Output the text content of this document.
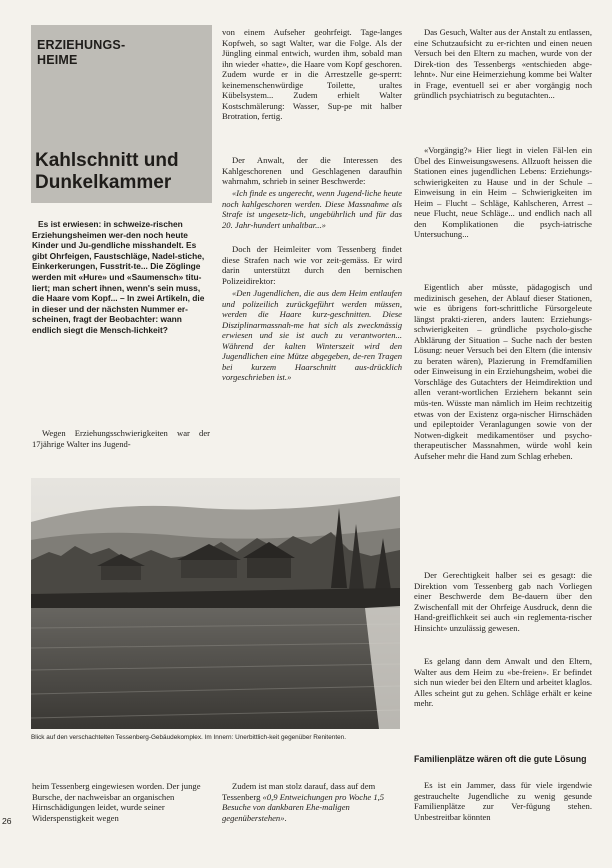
ERZIEHUNGS-
HEIME
Kahlschnitt und
Dunkelkammer

Es ist erwiesen: in schweize-rischen Erziehungsheimen wer-den noch heute Kinder und Ju-gendliche misshandelt. Es gibt Ohrfeigen, Faustschläge, Nadel-stiche, Einkerkerungen, Fusstrit-te... Die Zöglinge werden mit «Hure» und «Saumensch» titu-liert; man schert ihnen, wenn's sein muss, die Haare vom Kopf... – In zwei Artikeln, die in dieser und der nächsten Nummer er-scheinen, fragt der Beobachter: wann endlich siegt die Mensch-lichkeit?

Wegen Erziehungsschwierigkeiten war der 17jährige Walter ins Jugend-

von einem Aufseher geohrfeigt. Tage-langes Kopfweh, so sagt Walter, war die Folge. Als der Jüngling einmal entwich, wurden ihm, sobald man ihn wieder «hatte», die Haare vom Kopf geschoren. Zudem wurde er in die Arrestzelle ge-sperrt: keinemenschenwürdige Toilette, uraltes Kübelsystem... Zudem erhielt Walter Kostschmälerung: Wasser, Sup-pe mit halber Brotration, fertig.

Der Anwalt, der die Interessen des Kahlgeschorenen und Geschlagenen daraufhin wahrnahm, schrieb in seiner Beschwerde:

«Ich finde es ungerecht, wenn Jugend-liche heute noch kahlgeschoren werden. Diese Massnahme als Strafe ist ungesetz-lich, ungebührlich und für das 20. Jahr-hundert unhaltbar...»

Doch der Heimleiter vom Tessenberg findet diese Strafen nach wie vor zeit-gemäss. Er wird darin unterstützt durch den bernischen Polizeidirektor:

«Den Jugendlichen, die aus dem Heim entlaufen und polizeilich zurückgeführt werden müssen, werden die Haare kurz-geschnitten. Diese Disziplinarmassnah-me hat sich als zweckmässig erwiesen und sie ist auch zu verantworten... Während der kalten Winterszeit wird den Jugendlichen eine Mütze abgegeben, de-ren Tragen bei kurzem Haarschnitt aus-drücklich vorgeschrieben ist.»

Das Gesuch, Walter aus der Anstalt zu entlassen, eine Schutzaufsicht zu er-richten und einen neuen Versuch bei den Eltern zu machen, wurde von der Direk-tion des Tessenbergs «entschieden abge-lehnt». Nur eine Heimerziehung komme bei Walter in Frage, eventuell sei er aber vorgängig noch gründlich psychiatrisch zu begutachten...

«Vorgängig?» Hier liegt in vielen Fäl-len ein Übel des Einweisungswesens. Allzuoft heissen die Stationen eines jugendlichen Lebens: Erziehungs-schwierigkeiten zu Hause und in der Schule – Einweisung in ein Heim – Schwierigkeiten im Heim – Flucht – Schläge, Kahlscheren, Arrest – neue Flucht, neue Schläge... und endlich nach all den Komplikationen die psych-iatrische Untersuchung...

Eigentlich aber müsste, pädagogisch und medizinisch gesehen, der Ablauf dieser Stationen, wie es übrigens fort-schrittliche Fürsorgeleute längst prakti-zieren, anders lauten: Erziehungs-schwierigkeiten – gründliche psycholo-gische Abklärung der Situation – Suche nach der besten Lösung: neuer Versuch bei den Eltern (die intensiv zu beraten wären), Plazierung in Fremdfamilien oder Einweisung in ein Erziehungsheim, wobei die Vorschläge des Gutachters der Heimdirektion und allen verant-wortlichen Erziehern bekannt sein müs-ten. Wüsste man nämlich im Heim rechtzeitig etwas von der Existenz orga-nischer Hirnschäden und epileptoider Veranlagungen sowie von der Notwen-digkeit medikamentöser und psycho-therapeutischer Massnahmen, würde wohl kein Aufseher mehr die Hand zum Schlag erheben.

Der Gerechtigkeit halber sei es gesagt: die Direktion vom Tessenberg gab nach Vorliegen einer Beschwerde dem Be-dauern über den Zwischenfall mit der Ohrfeige Ausdruck, denn die Hand-greiflichkeit sei auch «in reglementa-rischer Hinsicht» unzulässig gewesen.

Es gelang dann dem Anwalt und den Eltern, Walter aus dem Heim zu «be-freien». Er befindet sich nun wieder bei den Eltern und arbeitet klaglos. Alles scheint gut zu gehen. Schläge erhält er keine mehr.

Familienplätze wären oft die gute Lösung

Es ist ein Jammer, dass für viele irgendwie gestrauchelte Jugendliche zu wenig gesunde Familienplätze zur Ver-fügung stehen. Unbestreitbar könnten

Blick auf den verschachtelten Tessenberg-Gebäudekomplex. Im Innern: Unerbittlich-keit gegenüber Renitenten.

heim Tessenberg eingewiesen worden. Der junge Bursche, der nachweisbar an organischen Hirnschädigungen leidet, wurde seiner Widerspenstigkeit wegen

Zudem ist man stolz darauf, dass auf dem Tessenberg «0,9 Entweichungen pro Woche 1,5 Besuche von dankbaren Ehe-maligen gegenüberstehen».

26
